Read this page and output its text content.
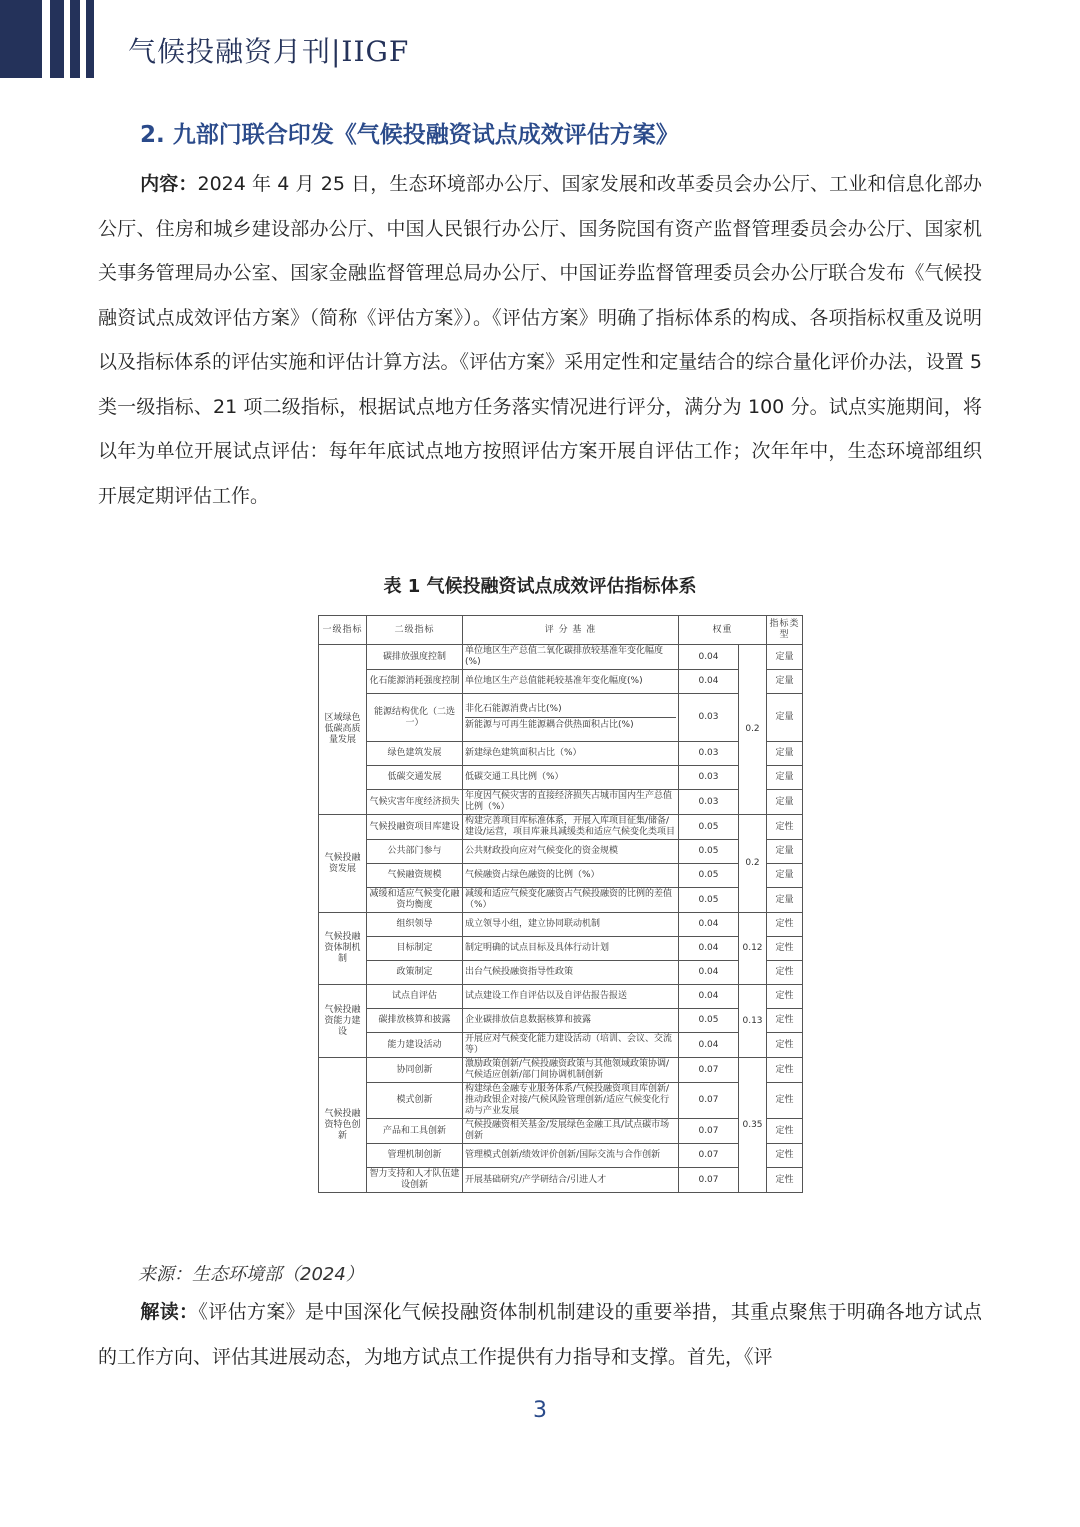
气候投融资月刊|IIGF
2. 九部门联合印发《气候投融资试点成效评估方案》
内容：2024 年 4 月 25 日，生态环境部办公厅、国家发展和改革委员会办公厅、工业和信息化部办公厅、住房和城乡建设部办公厅、中国人民银行办公厅、国务院国有资产监督管理委员会办公厅、国家机关事务管理局办公室、国家金融监督管理总局办公厅、中国证券监督管理委员会办公厅联合发布《气候投融资试点成效评估方案》（简称《评估方案》）。《评估方案》明确了指标体系的构成、各项指标权重及说明以及指标体系的评估实施和评估计算方法。《评估方案》采用定性和定量结合的综合量化评价办法，设置 5 类一级指标、21 项二级指标，根据试点地方任务落实情况进行评分，满分为 100 分。试点实施期间，将以年为单位开展试点评估：每年年底试点地方按照评估方案开展自评估工作；次年年中，生态环境部组织开展定期评估工作。
表 1 气候投融资试点成效评估指标体系
一级指标	二级指标	评 分 基 准	权重		指标类型
区域绿色低碳高质量发展	碳排放强度控制	单位地区生产总值二氧化碳排放较基准年变化幅度(%)	0.04	0.2	定量
	化石能源消耗强度控制	单位地区生产总值能耗较基准年变化幅度(%)	0.04		定量
	能源结构优化（二选一）	非化石能源消费占比(%)
新能源与可再生能源耦合供热面积占比(%)	0.03		定量
	绿色建筑发展	新建绿色建筑面积占比（%）	0.03		定量
	低碳交通发展	低碳交通工具比例（%）	0.03		定量
	气候灾害年度经济损失	年度因气候灾害的直接经济损失占城市国内生产总值比例（%）	0.03		定量
气候投融资发展	气候投融资项目库建设	构建完善项目库标准体系，开展入库项目征集/储备/建设/运营，项目库兼具减缓类和适应气候变化类项目	0.05	0.2	定性
	公共部门参与	公共财政投向应对气候变化的资金规模	0.05		定量
	气候融资规模	气候融资占绿色融资的比例（%）	0.05		定量
	减缓和适应气候变化融资均衡度	减缓和适应气候变化融资占气候投融资的比例的差值（%）	0.05		定量
气候投融资体制机制	组织领导	成立领导小组，建立协同联动机制	0.04	0.12	定性
	目标制定	制定明确的试点目标及具体行动计划	0.04		定性
	政策制定	出台气候投融资指导性政策	0.04		定性
气候投融资能力建设	试点自评估	试点建设工作自评估以及自评估报告报送	0.04	0.13	定性
	碳排放核算和披露	企业碳排放信息数据核算和披露	0.05		定性
	能力建设活动	开展应对气候变化能力建设活动（培训、会议、交流等）	0.04		定性
气候投融资特色创新	协同创新	激励政策创新/气候投融资政策与其他领域政策协调/气候适应创新/部门间协调机制创新	0.07	0.35	定性
	模式创新	构建绿色金融专业服务体系/气候投融资项目库创新/推动政银企对接/气候风险管理创新/适应气候变化行动与产业发展	0.07		定性
	产品和工具创新	气候投融资相关基金/发展绿色金融工具/试点碳市场创新	0.07		定性
	管理机制创新	管理模式创新/绩效评价创新/国际交流与合作创新	0.07		定性
	智力支持和人才队伍建设创新	开展基础研究/产学研结合/引进人才	0.07		定性
来源：生态环境部（2024）
解读：《评估方案》是中国深化气候投融资体制机制建设的重要举措，其重点聚焦于明确各地方试点的工作方向、评估其进展动态，为地方试点工作提供有力指导和支撑。首先，《评
3
